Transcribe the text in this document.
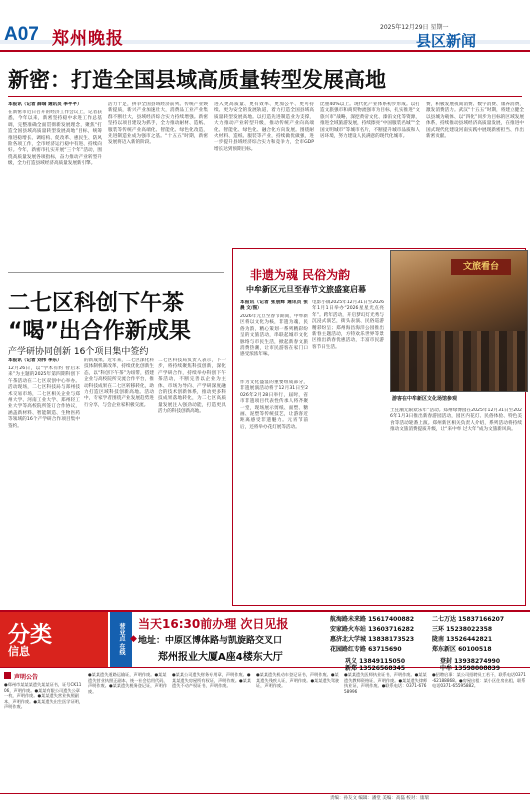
A07 郑州晚报
2025年12月29日 星期一
县区新闻
新密：打造全国县域高质量转型发展高地
本报讯（记者 薛瑞 通讯员 李芊芊）
在新密市近日召开的经济工作会议上，记者获悉，今年以来，新密坚持稳中求进工作总基调，完整准确全面贯彻新发展理念，聚焦“打造全国县域高质量转型发展高地”目标，统筹推进稳增长、调结构、促改革、惠民生、防风险各项工作，全市经济运行稳中有进、持续向好。今年，新密市扎实开展“三个年”活动，围绕高质量发展各项指标，奋力推动产业转型升级，全力打造县域经济高质量发展新引擎。
活力十足，拼争全国县域经济前列。传统产业焕新提质，新兴产业加速壮大，消费品工业产业集群不断壮大，县域经济综合实力持续增强。新密坚持以项目建设为抓手，全力推动耐材、造纸、服装等传统产业高端化、智能化、绿色化改造，先进制造业成为强市之基。“十五五”时期，新密发展将迈入新的阶段。
进入更高质量、更有效率、更加公平、更可持续、更为安全的发展轨道，着力打造全国县域高质量转型发展高地。以打造先进制造业为支撑，大力推动产业转型升级，推动传统产业向高端化、智能化、绿色化、融合化方向发展。围绕耐火材料、造纸、服装等产业，持续做优做强，进一步提升县域经济综合实力和竞争力，全市GDP增长达到预期目标。
比重40%以上。现代化产业体系初步形成。以打造文旅强市和商贸物流强市为目标，扎实推进“文旅兴市”战略，深挖黄帝文化、溱洧文化等资源，推进全域旅游发展，持续擦亮“中国服装名城”“全国文明城市”等城市名片，不断提升城市品质和人居环境，努力建设人民满意的现代化城市。
费，积极发展夜间消费、数字消费、康养消费，激发消费活力。武汉“十五五”时期，将建立健全以县城为载体、以“四化”同步为目标的区域发展体系，持续推动县域经济高质量发展，在推进中国式现代化建设河南实践中展现新密担当、作出新密贡献。
二七区科创下午茶
“喝”出合作新成果
产学研协同创新 16个项目集中签约
本报讯（记者 刘伟 李东）
12月26日，以“学术有约 智启未来”为主题的2025年第四期科创下午茶活动在二七区双创中心举办。活动现场，二七区科技局与郑州技术交易市场，二七区相关企业与郑州大学、河南工业大学、郑州轻工业大学等高校院所签订合作协议，涵盖新材料、智能制造、生物医药等领域的16个产学研合作项目集中签约。
的新成果。近年来，二七区深化科技体制机制改革，持续优化创新生态，以“科创下午茶”为纽带，搭建企业与高校院所交流合作平台，推动科技成果在二七区转移转化，助力打造区域科技创新高地。活动中，专家学者围绕产业发展趋势进行分享，与会企业家积极交流。
二七区科技局负责人表示，下一步，将持续聚焦科技创新，深化产学研合作，持续举办科创下午茶活动，不断完善以企业为主体、市场为导向、产学研深度融合的技术创新体系，推动更多科技成果落地转化，为二七区高质量发展注入强劲动能，打造更具活力的科技创新高地。
非遗为魂 民俗为韵
中牟新区元旦至春节文旅盛宴启幕
本报讯（记者 张朋辉 通讯员 张晨 文/图）
2026年元旦至春节期间，中牟新区将以文化为核，非遗为魂，民俗为韵，精心策划一系列精彩纷呈的文旅活动，串联起城市文化脉络与市民生活，掀起新春文旅消费热潮，让市民游客在家门口感受浓浓年味。
作为文化盛宴的重要组成部分，非遗展演活动将于12月31日至2026年2月28日举行，届时，省市非遗项目代表性传承人将齐聚一堂，现场展示剪纸、面塑、糖画、泥塑等传统技艺，让游客近距离感受非遗魅力。元宵节前后，还将举办花灯展等活动。
电影小镇2025年12月31日至2026年1月1日举办“2026星星光点亮年”。跨年活动，开启梦幻灯光秀与沉浸式演艺，街头表演、民俗巡游精彩纷呈；郑州海昌海洋公园推出新春主题活动，方特欢乐世界等景区推出新春优惠活动，丰富市民游客节日生活。
土狂潮无限欢乐年”活动。郑州绿博园在2025年12月31日至2026年1月3日推出新春游园活动，园区内花灯、民俗体验、特色美食等活动轮番上演。郑州新区相关负责人介绍，系列活动将持续推动文旅消费提质升级，让“来中牟 过大年”成为文旅新风尚。
文旅看台
游客在中牟新区文化场馆参观
分类
信息	营业点 在线	当天16:30前办理 次日见报
◆ 地址：中原区博体路与凯旋路交叉口
郑州报业大厦A座4楼东大厅
航海路未来路 15617400882
安家路火车站 13603716282
惠济北大学城 13838173523
花园路红专路 63715690
二七万达 15837166207
三环 15238022358
陇南 13526442821
郑东新区 60100518
巩义 13849115050
新郑 13526568345
登封 13938274990
中牟 13598008839
声明公告
●郑州市某某某遗失某某证书，证号CK1106，声明作废。●某某有限公司遗失公章一枚，声明作废。●某某遗失营业执照副本，声明作废。●某某遗失出生医学证明，声明作废。
●某某遗失道路运输证，声明作废。●某某遗失营业执照正副本，统一社会信用代码，声明作废。●某某遗失税务登记证，声明作废。
●某某公司遗失财务专用章，声明作废。●某某遗失房屋所有权证，声明作废。●某某遗失不动产权证书，声明作废。
●某某遗失机动车登记证书，声明作废。●某某遗失残疾人证，声明作废。●某某遗失驾驶证，声明作废。
●某某遗失医师执业证书，声明作废。●某某遗失教师资格证，声明作废。●某某遗失律师执业证，声明作废。●联系电话：0371-67658996
●招聘启事：某公司招聘员工若干，联系电话0371-62188868。●房屋出租：某小区住房出租，联系电话0371-65595882。
责编：孙友文 编辑：潘堂 美编：高磊 校对：康瑞
